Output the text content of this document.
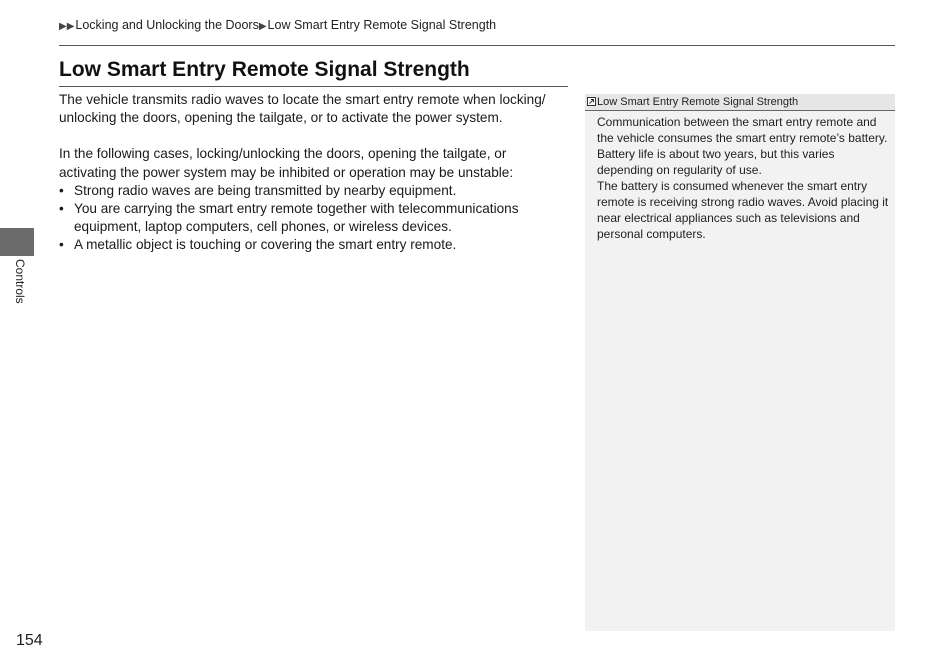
▶▶Locking and Unlocking the Doors▶Low Smart Entry Remote Signal Strength
Low Smart Entry Remote Signal Strength

The vehicle transmits radio waves to locate the smart entry remote when locking/ unlocking the doors, opening the tailgate, or to activate the power system.

In the following cases, locking/unlocking the doors, opening the tailgate, or activating the power system may be inhibited or operation may be unstable:

• Strong radio waves are being transmitted by nearby equipment.
• You are carrying the smart entry remote together with telecommunications equipment, laptop computers, cell phones, or wireless devices.
• A metallic object is touching or covering the smart entry remote.
Low Smart Entry Remote Signal Strength

Communication between the smart entry remote and the vehicle consumes the smart entry remote’s battery.

Battery life is about two years, but this varies depending on regularity of use.

The battery is consumed whenever the smart entry remote is receiving strong radio waves. Avoid placing it near electrical appliances such as televisions and personal computers.

Controls
154
